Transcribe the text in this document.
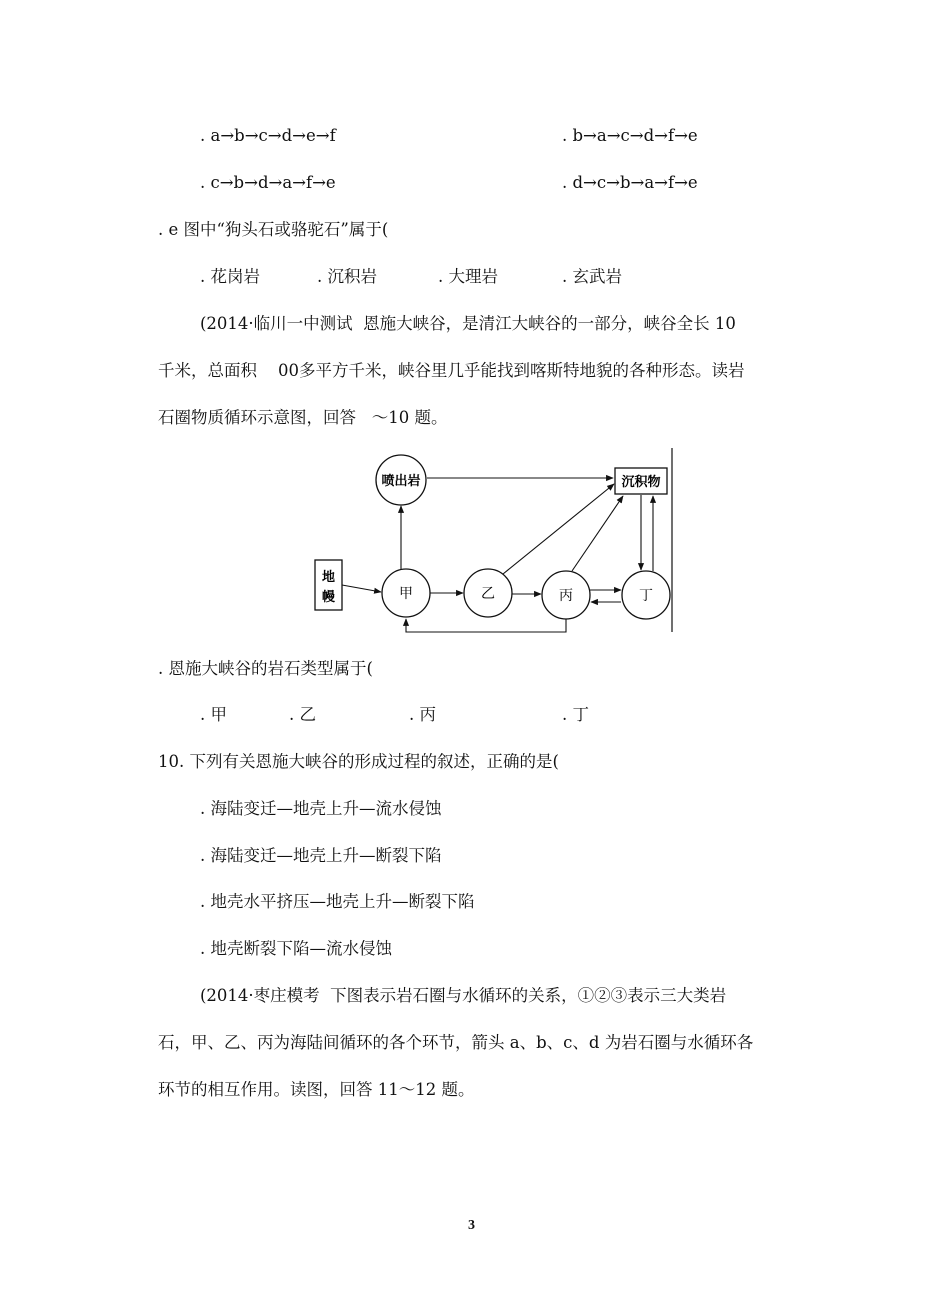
. a→b→c→d→e→f	. b→a→c→d→f→e
. c→b→d→a→f→e	. d→c→b→a→f→e
. e 图中“狗头石或骆驼石”属于(
. 花岗岩	. 沉积岩	. 大理岩	. 玄武岩
(2014·临川一中测试  恩施大峡谷，是清江大峡谷的一部分，峡谷全长 10
千米，总面积    00多平方千米，峡谷里几乎能找到喀斯特地貌的各种形态。读岩
石圈物质循环示意图，回答   ～10 题。
喷出岩	沉积物
地
幔	甲	乙	丙	丁
. 恩施大峡谷的岩石类型属于(
. 甲	. 乙	. 丙	. 丁
10. 下列有关恩施大峡谷的形成过程的叙述，正确的是(
. 海陆变迁—地壳上升—流水侵蚀
. 海陆变迁—地壳上升—断裂下陷
. 地壳水平挤压—地壳上升—断裂下陷
. 地壳断裂下陷—流水侵蚀
(2014·枣庄模考  下图表示岩石圈与水循环的关系，①②③表示三大类岩
石，甲、乙、丙为海陆间循环的各个环节，箭头 a、b、c、d 为岩石圈与水循环各
环节的相互作用。读图，回答 11～12 题。
3
